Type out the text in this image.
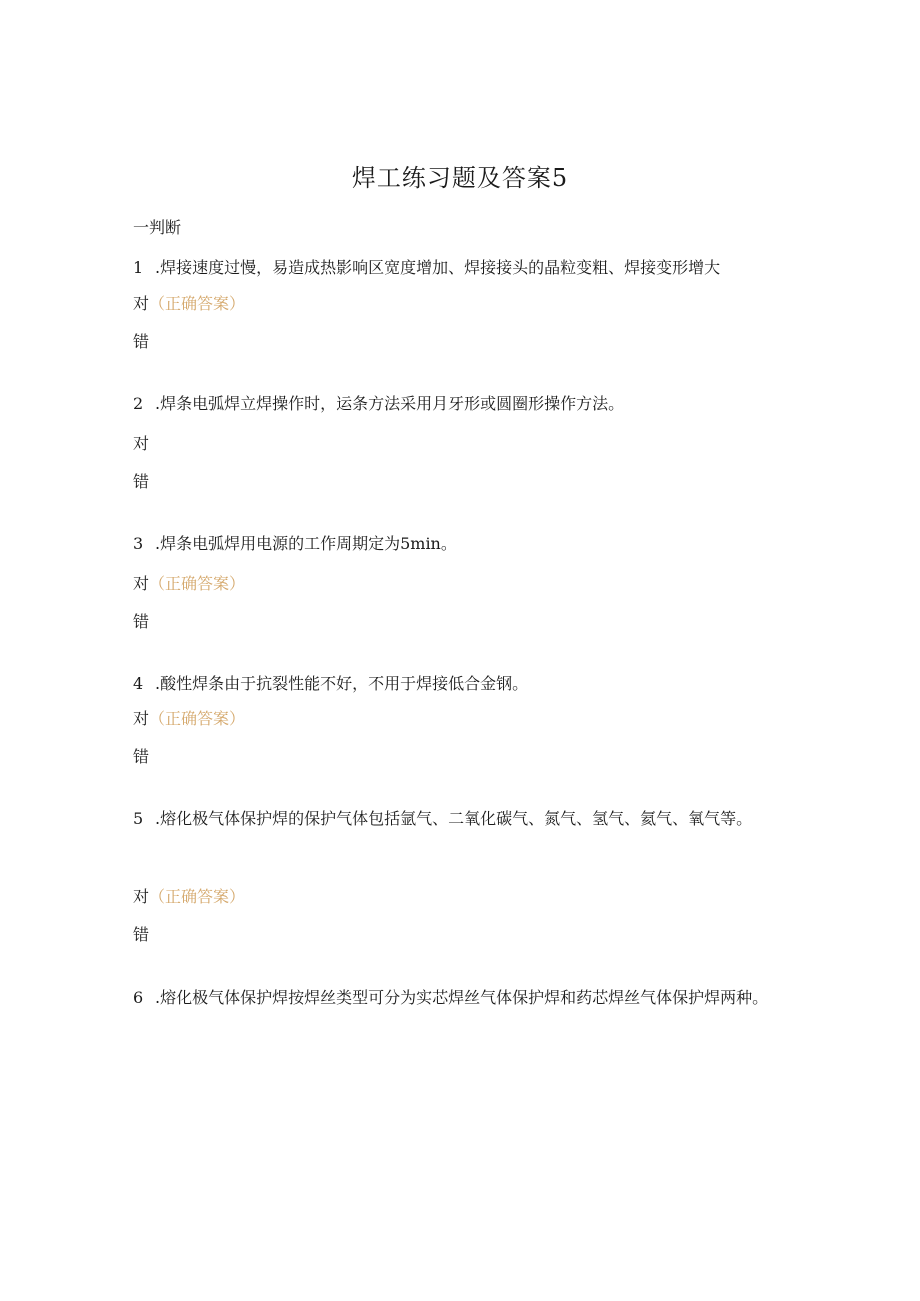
焊工练习题及答案5
一判断
1 .焊接速度过慢，易造成热影响区宽度增加、焊接接头的晶粒变粗、焊接变形增大
对（正确答案）
错
2 .焊条电弧焊立焊操作时，运条方法采用月牙形或圆圈形操作方法。
对
错
3 .焊条电弧焊用电源的工作周期定为5min。
对（正确答案）
错
4 .酸性焊条由于抗裂性能不好，不用于焊接低合金钢。
对（正确答案）
错
5 .熔化极气体保护焊的保护气体包括氩气、二氧化碳气、氮气、氢气、氦气、氧气等。
对（正确答案）
错
6 .熔化极气体保护焊按焊丝类型可分为实芯焊丝气体保护焊和药芯焊丝气体保护焊两种。
